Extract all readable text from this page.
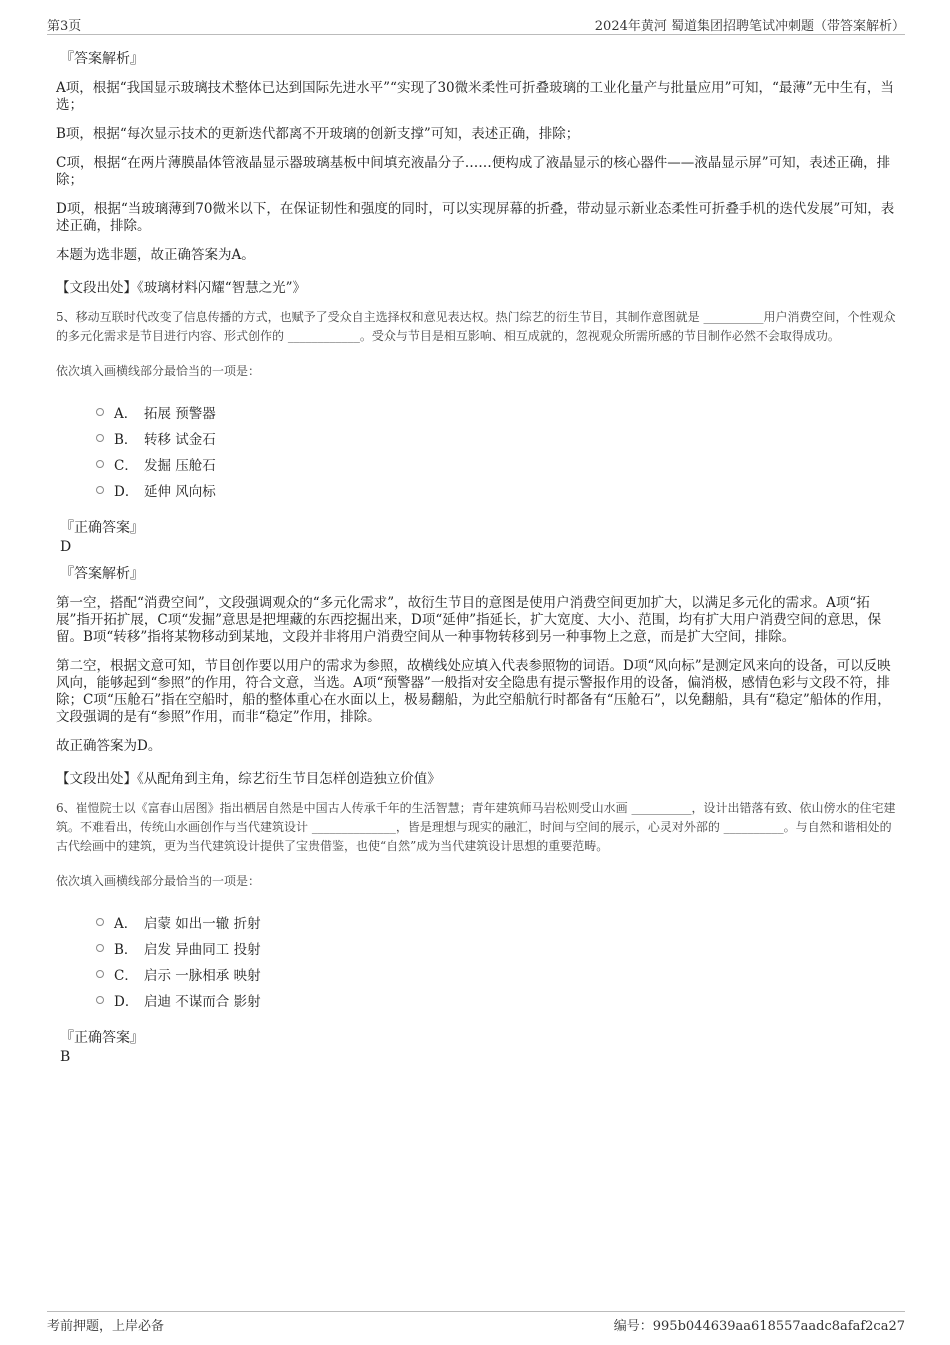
第3页	2024年黄河 蜀道集团招聘笔试冲刺题（带答案解析）
『答案解析』

A项，根据“我国显示玻璃技术整体已达到国际先进水平”“实现了30微米柔性可折叠玻璃的工业化量产与批量应用”可知，“最薄”无中生有，当选；

B项，根据“每次显示技术的更新迭代都离不开玻璃的创新支撑”可知，表述正确，排除；

C项，根据“在两片薄膜晶体管液晶显示器玻璃基板中间填充液晶分子……便构成了液晶显示的核心器件——液晶显示屏”可知，表述正确，排除；

D项，根据“当玻璃薄到70微米以下，在保证韧性和强度的同时，可以实现屏幕的折叠，带动显示新业态柔性可折叠手机的迭代发展”可知，表述正确，排除。

本题为选非题，故正确答案为A。

【文段出处】《玻璃材料闪耀“智慧之光”》
5、移动互联时代改变了信息传播的方式，也赋予了受众自主选择权和意见表达权。热门综艺的衍生节目，其制作意图就是 __________用户消费空间，个性观众的多元化需求是节目进行内容、形式创作的 ____________。受众与节目是相互影响、相互成就的，忽视观众所需所感的节目制作必然不会取得成功。
依次填入画横线部分最恰当的一项是：
A． 拓展 预警器
B． 转移 试金石
C． 发掘 压舱石
D． 延伸 风向标
『正确答案』
D
『答案解析』

第一空，搭配“消费空间”，文段强调观众的“多元化需求”，故衍生节目的意图是使用户消费空间更加扩大，以满足多元化的需求。A项“拓展”指开拓扩展，C项“发掘”意思是把埋藏的东西挖掘出来，D项“延伸”指延长，扩大宽度、大小、范围，均有扩大用户消费空间的意思，保留。B项“转移”指将某物移动到某地，文段并非将用户消费空间从一种事物转移到另一种事物上之意，而是扩大空间，排除。

第二空，根据文意可知，节目创作要以用户的需求为参照，故横线处应填入代表参照物的词语。D项“风向标”是测定风来向的设备，可以反映风向，能够起到“参照”的作用，符合文意，当选。A项“预警器”一般指对安全隐患有提示警报作用的设备，偏消极，感情色彩与文段不符，排除；C项“压舱石”指在空船时，船的整体重心在水面以上，极易翻船，为此空船航行时都备有“压舱石”，以免翻船，具有“稳定”船体的作用，文段强调的是有“参照”作用，而非“稳定”作用，排除。

故正确答案为D。

【文段出处】《从配角到主角，综艺衍生节目怎样创造独立价值》
6、崔愷院士以《富春山居图》指出栖居自然是中国古人传承千年的生活智慧；青年建筑师马岩松则受山水画 __________，设计出错落有致、依山傍水的住宅建筑。不难看出，传统山水画创作与当代建筑设计 ______________，皆是理想与现实的融汇，时间与空间的展示，心灵对外部的 __________。与自然和谐相处的古代绘画中的建筑，更为当代建筑设计提供了宝贵借鉴，也使“自然”成为当代建筑设计思想的重要范畴。
依次填入画横线部分最恰当的一项是：
A． 启蒙 如出一辙 折射
B． 启发 异曲同工 投射
C． 启示 一脉相承 映射
D． 启迪 不谋而合 影射
『正确答案』
B
考前押题，上岸必备	编号：995b044639aa618557aadc8afaf2ca27
